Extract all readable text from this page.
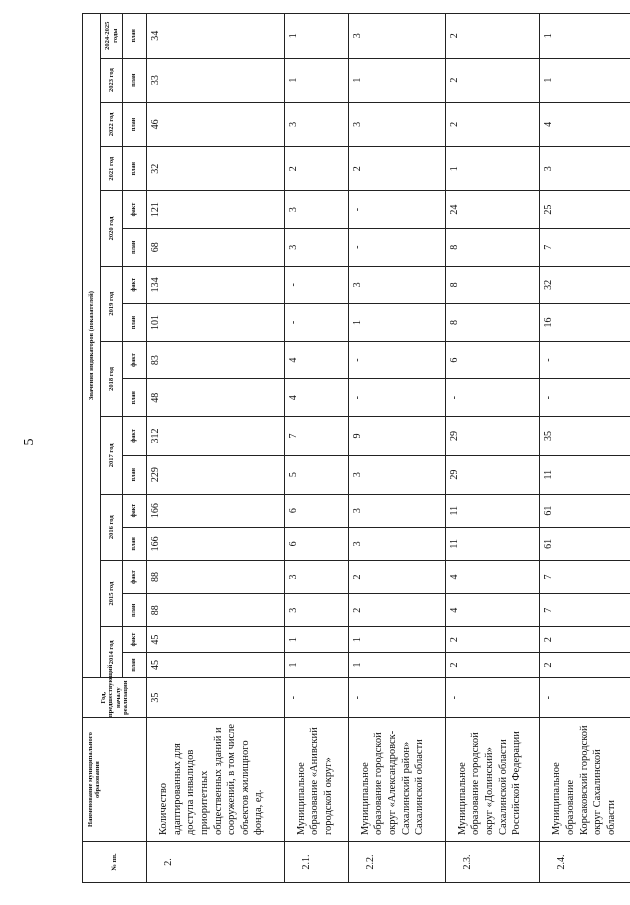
5
№ пп.	Наименование муниципального образования	Год, предшествующий началу реализации	Значения индикаторов (показателей)																	
			2014 год		2015 год		2016 год		2017 год		2018 год		2019 год		2020 год		2021 год	2022 год	2023 год	2024-2025 годы
			план	факт	план	факт	план	факт	план	факт	план	факт	план	факт	план	факт	план	план	план	план
2.	Количество адаптированных для доступа инвалидов приоритетных общественных зданий и сооружений, в том числе объектов жилищного фонда, ед.	35	45	45	88	88	166	166	229	312	48	83	101	134	68	121	32	46	33	34
2.1.	Муниципальное образование «Анивский городской округ»	-	1	1	3	3	6	6	5	7	4	4	-	-	3	3	2	3	1	1
2.2.	Муниципальное образование городской округ «Александровск-Сахалинский район» Сахалинской области	-	1	1	2	2	3	3	3	9	-	-	1	3	-	-	2	3	1	3
2.3.	Муниципальное образование городской округ «Долинский» Сахалинской области Российской Федерации	-	2	2	4	4	11	11	29	29	-	6	8	8	8	24	1	2	2	2
2.4.	Муниципальное образование Корсаковский городской округ Сахалинской области	-	2	2	7	7	61	61	11	35	-	-	16	32	7	25	3	4	1	1
